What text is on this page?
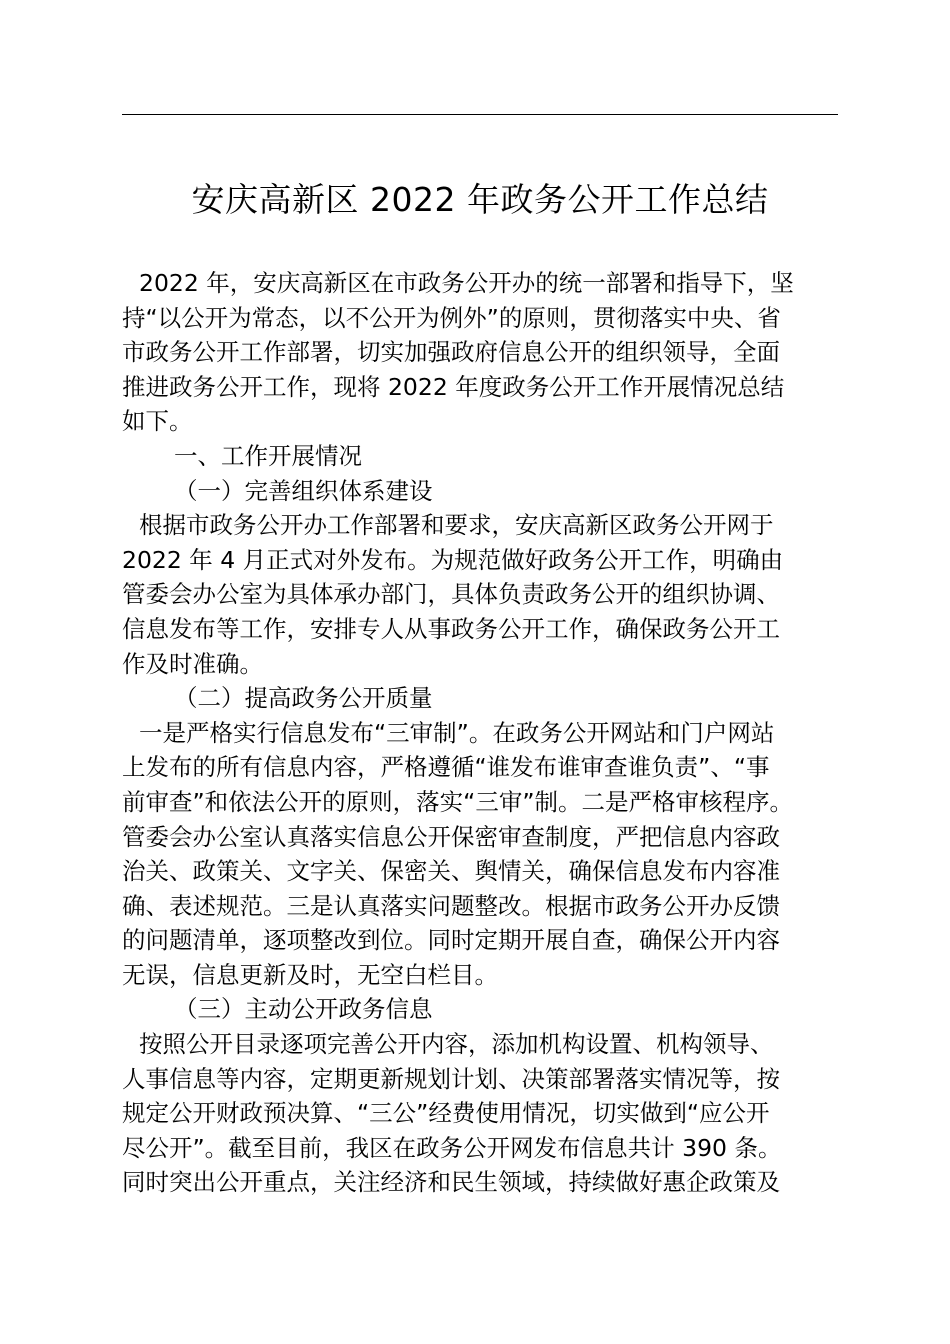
安庆高新区 2022 年政务公开工作总结

2022 年，安庆高新区在市政务公开办的统一部署和指导下，坚

持“以公开为常态，以不公开为例外”的原则，贯彻落实中央、省

市政务公开工作部署，切实加强政府信息公开的组织领导，全面

推进政务公开工作，现将 2022 年度政务公开工作开展情况总结

如下。

一、工作开展情况

（一）完善组织体系建设

根据市政务公开办工作部署和要求，安庆高新区政务公开网于

2022 年 4 月正式对外发布。为规范做好政务公开工作，明确由

管委会办公室为具体承办部门，具体负责政务公开的组织协调、

信息发布等工作，安排专人从事政务公开工作，确保政务公开工

作及时准确。

（二）提高政务公开质量

一是严格实行信息发布“三审制”。在政务公开网站和门户网站

上发布的所有信息内容，严格遵循“谁发布谁审查谁负责”、“事

前审查”和依法公开的原则，落实“三审”制。二是严格审核程序。

管委会办公室认真落实信息公开保密审查制度，严把信息内容政

治关、政策关、文字关、保密关、舆情关，确保信息发布内容准

确、表述规范。三是认真落实问题整改。根据市政务公开办反馈

的问题清单，逐项整改到位。同时定期开展自查，确保公开内容

无误，信息更新及时，无空白栏目。

（三）主动公开政务信息

按照公开目录逐项完善公开内容，添加机构设置、机构领导、

人事信息等内容，定期更新规划计划、决策部署落实情况等，按

规定公开财政预决算、“三公”经费使用情况，切实做到“应公开

尽公开”。截至目前，我区在政务公开网发布信息共计 390 条。

同时突出公开重点，关注经济和民生领域，持续做好惠企政策及
